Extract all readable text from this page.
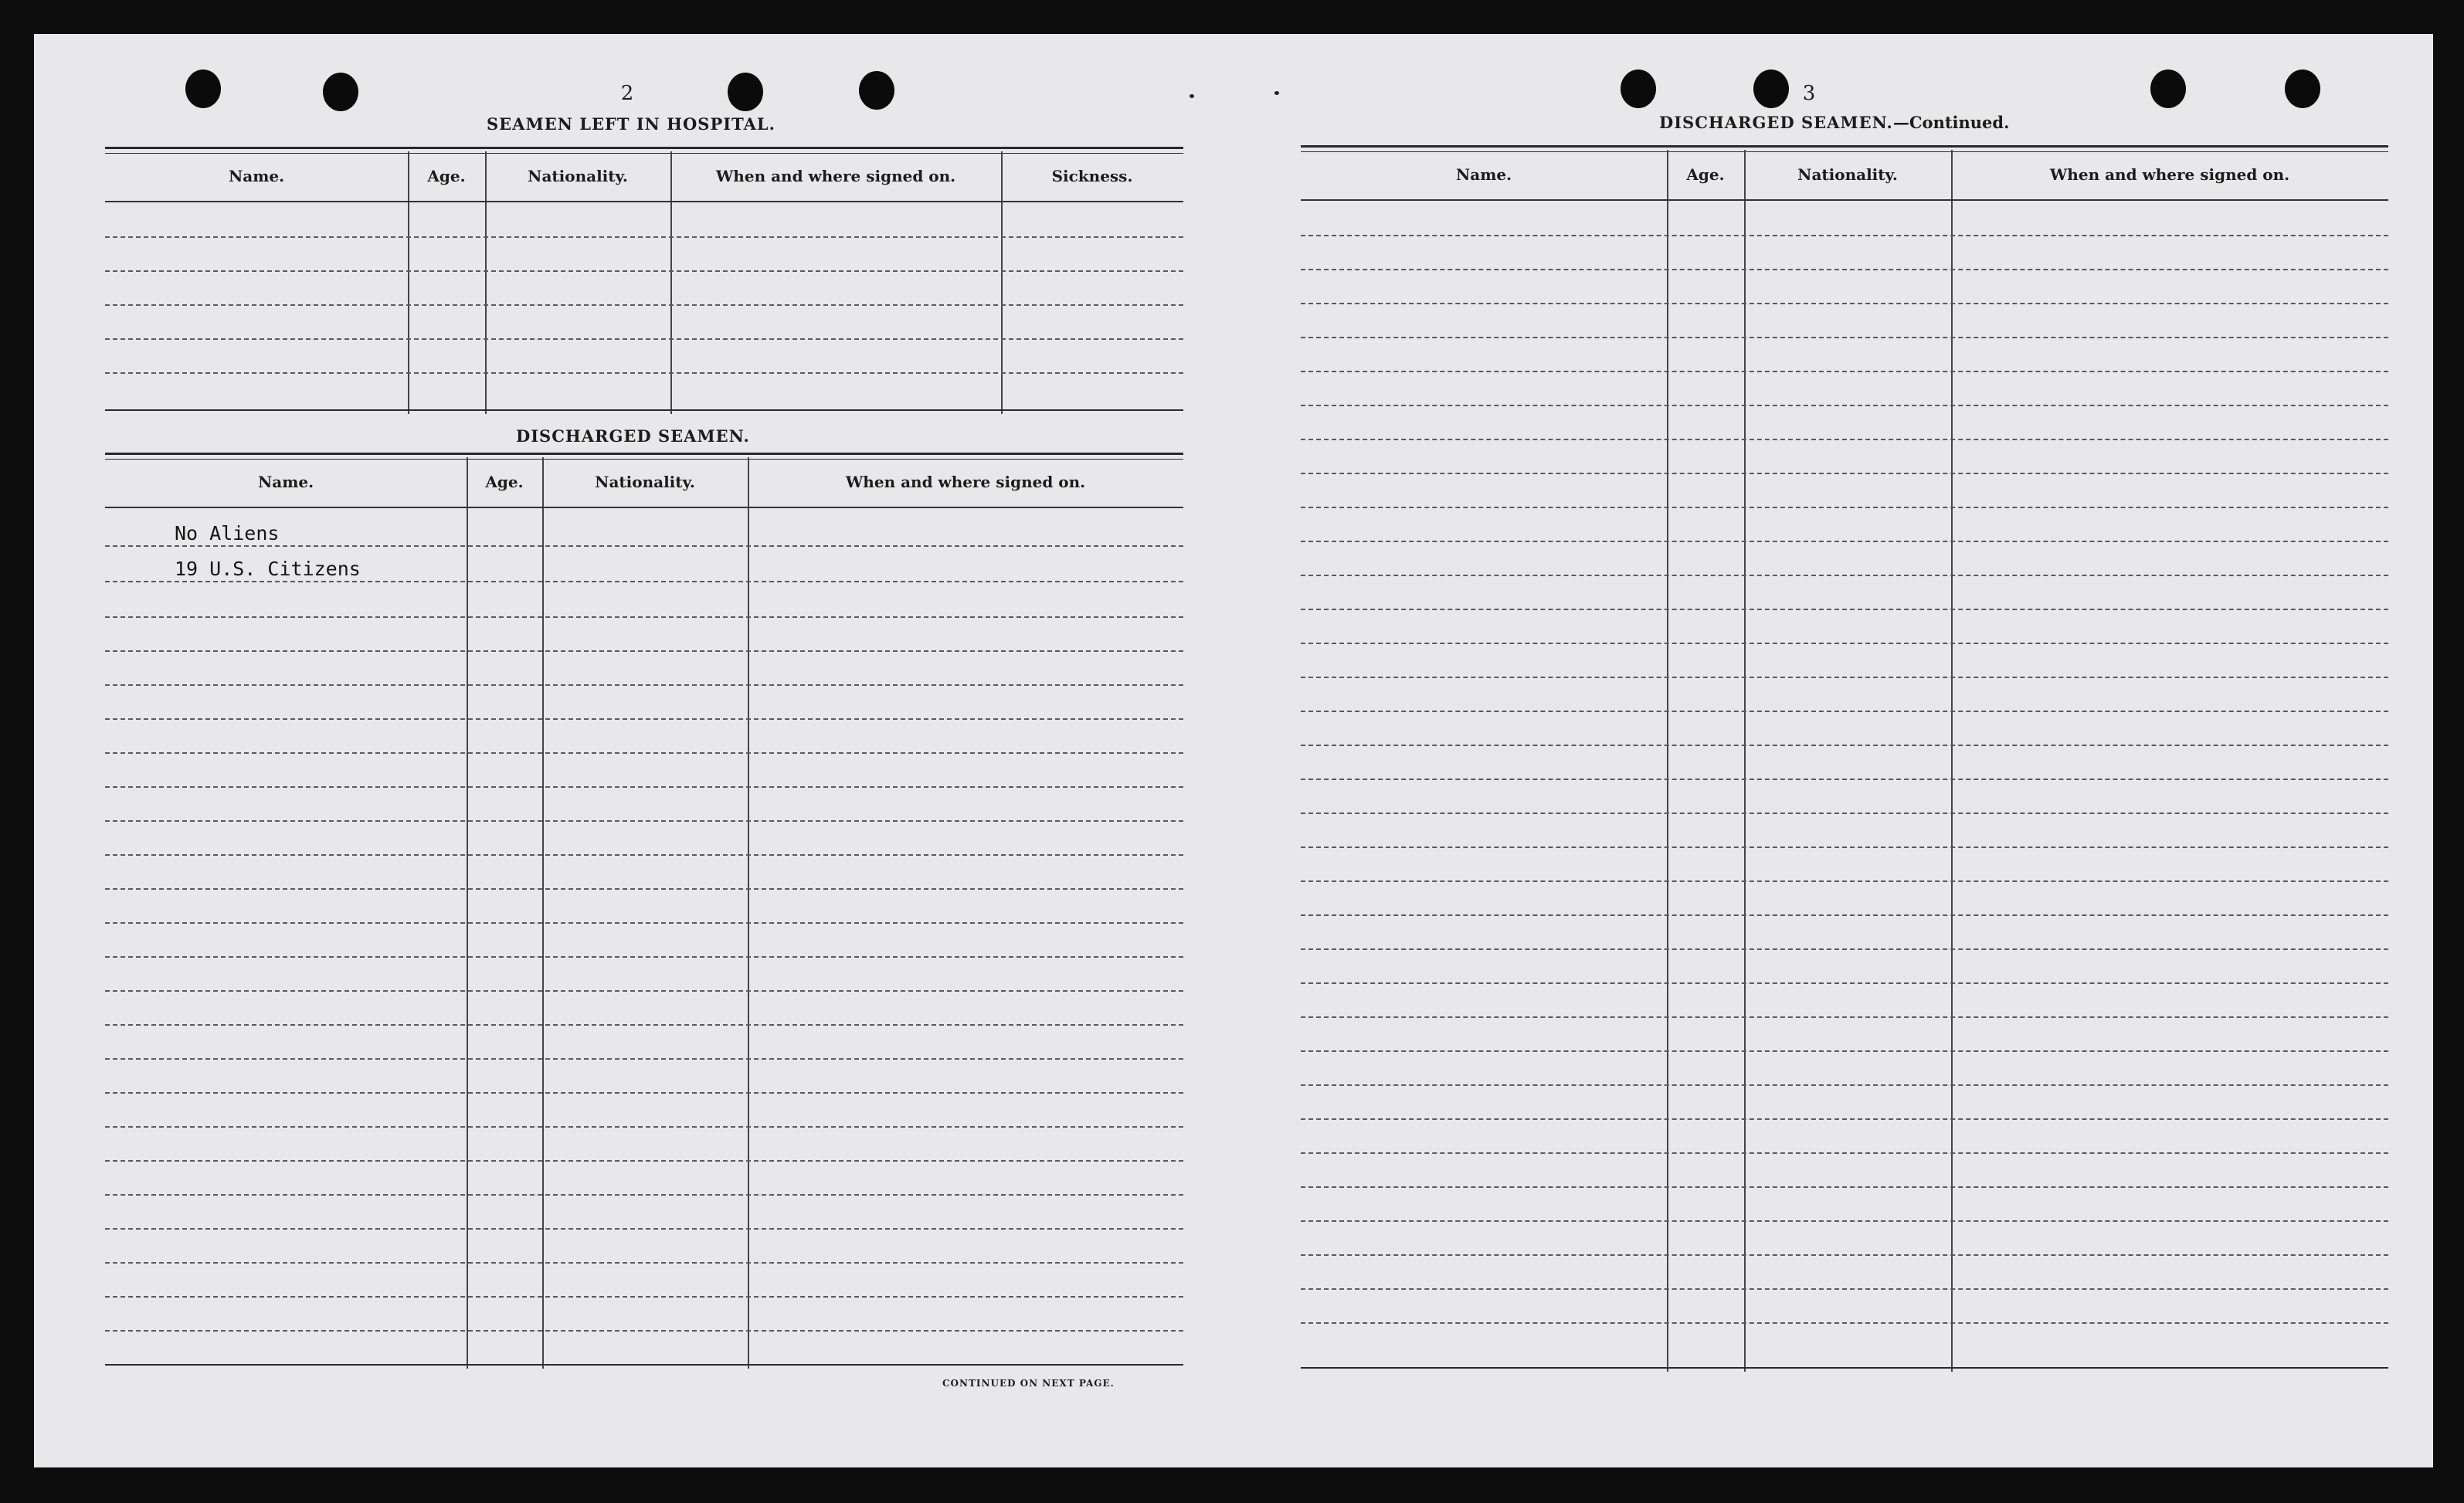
2
SEAMEN LEFT IN HOSPITAL.
Name.	Age.	Nationality.	When and where signed on.	Sickness.
DISCHARGED SEAMEN.
Name.	Age.	Nationality.	When and where signed on.
No Aliens
19 U.S. Citizens
CONTINUED ON NEXT PAGE.
3
DISCHARGED SEAMEN.—Continued.
Name.	Age.	Nationality.	When and where signed on.
